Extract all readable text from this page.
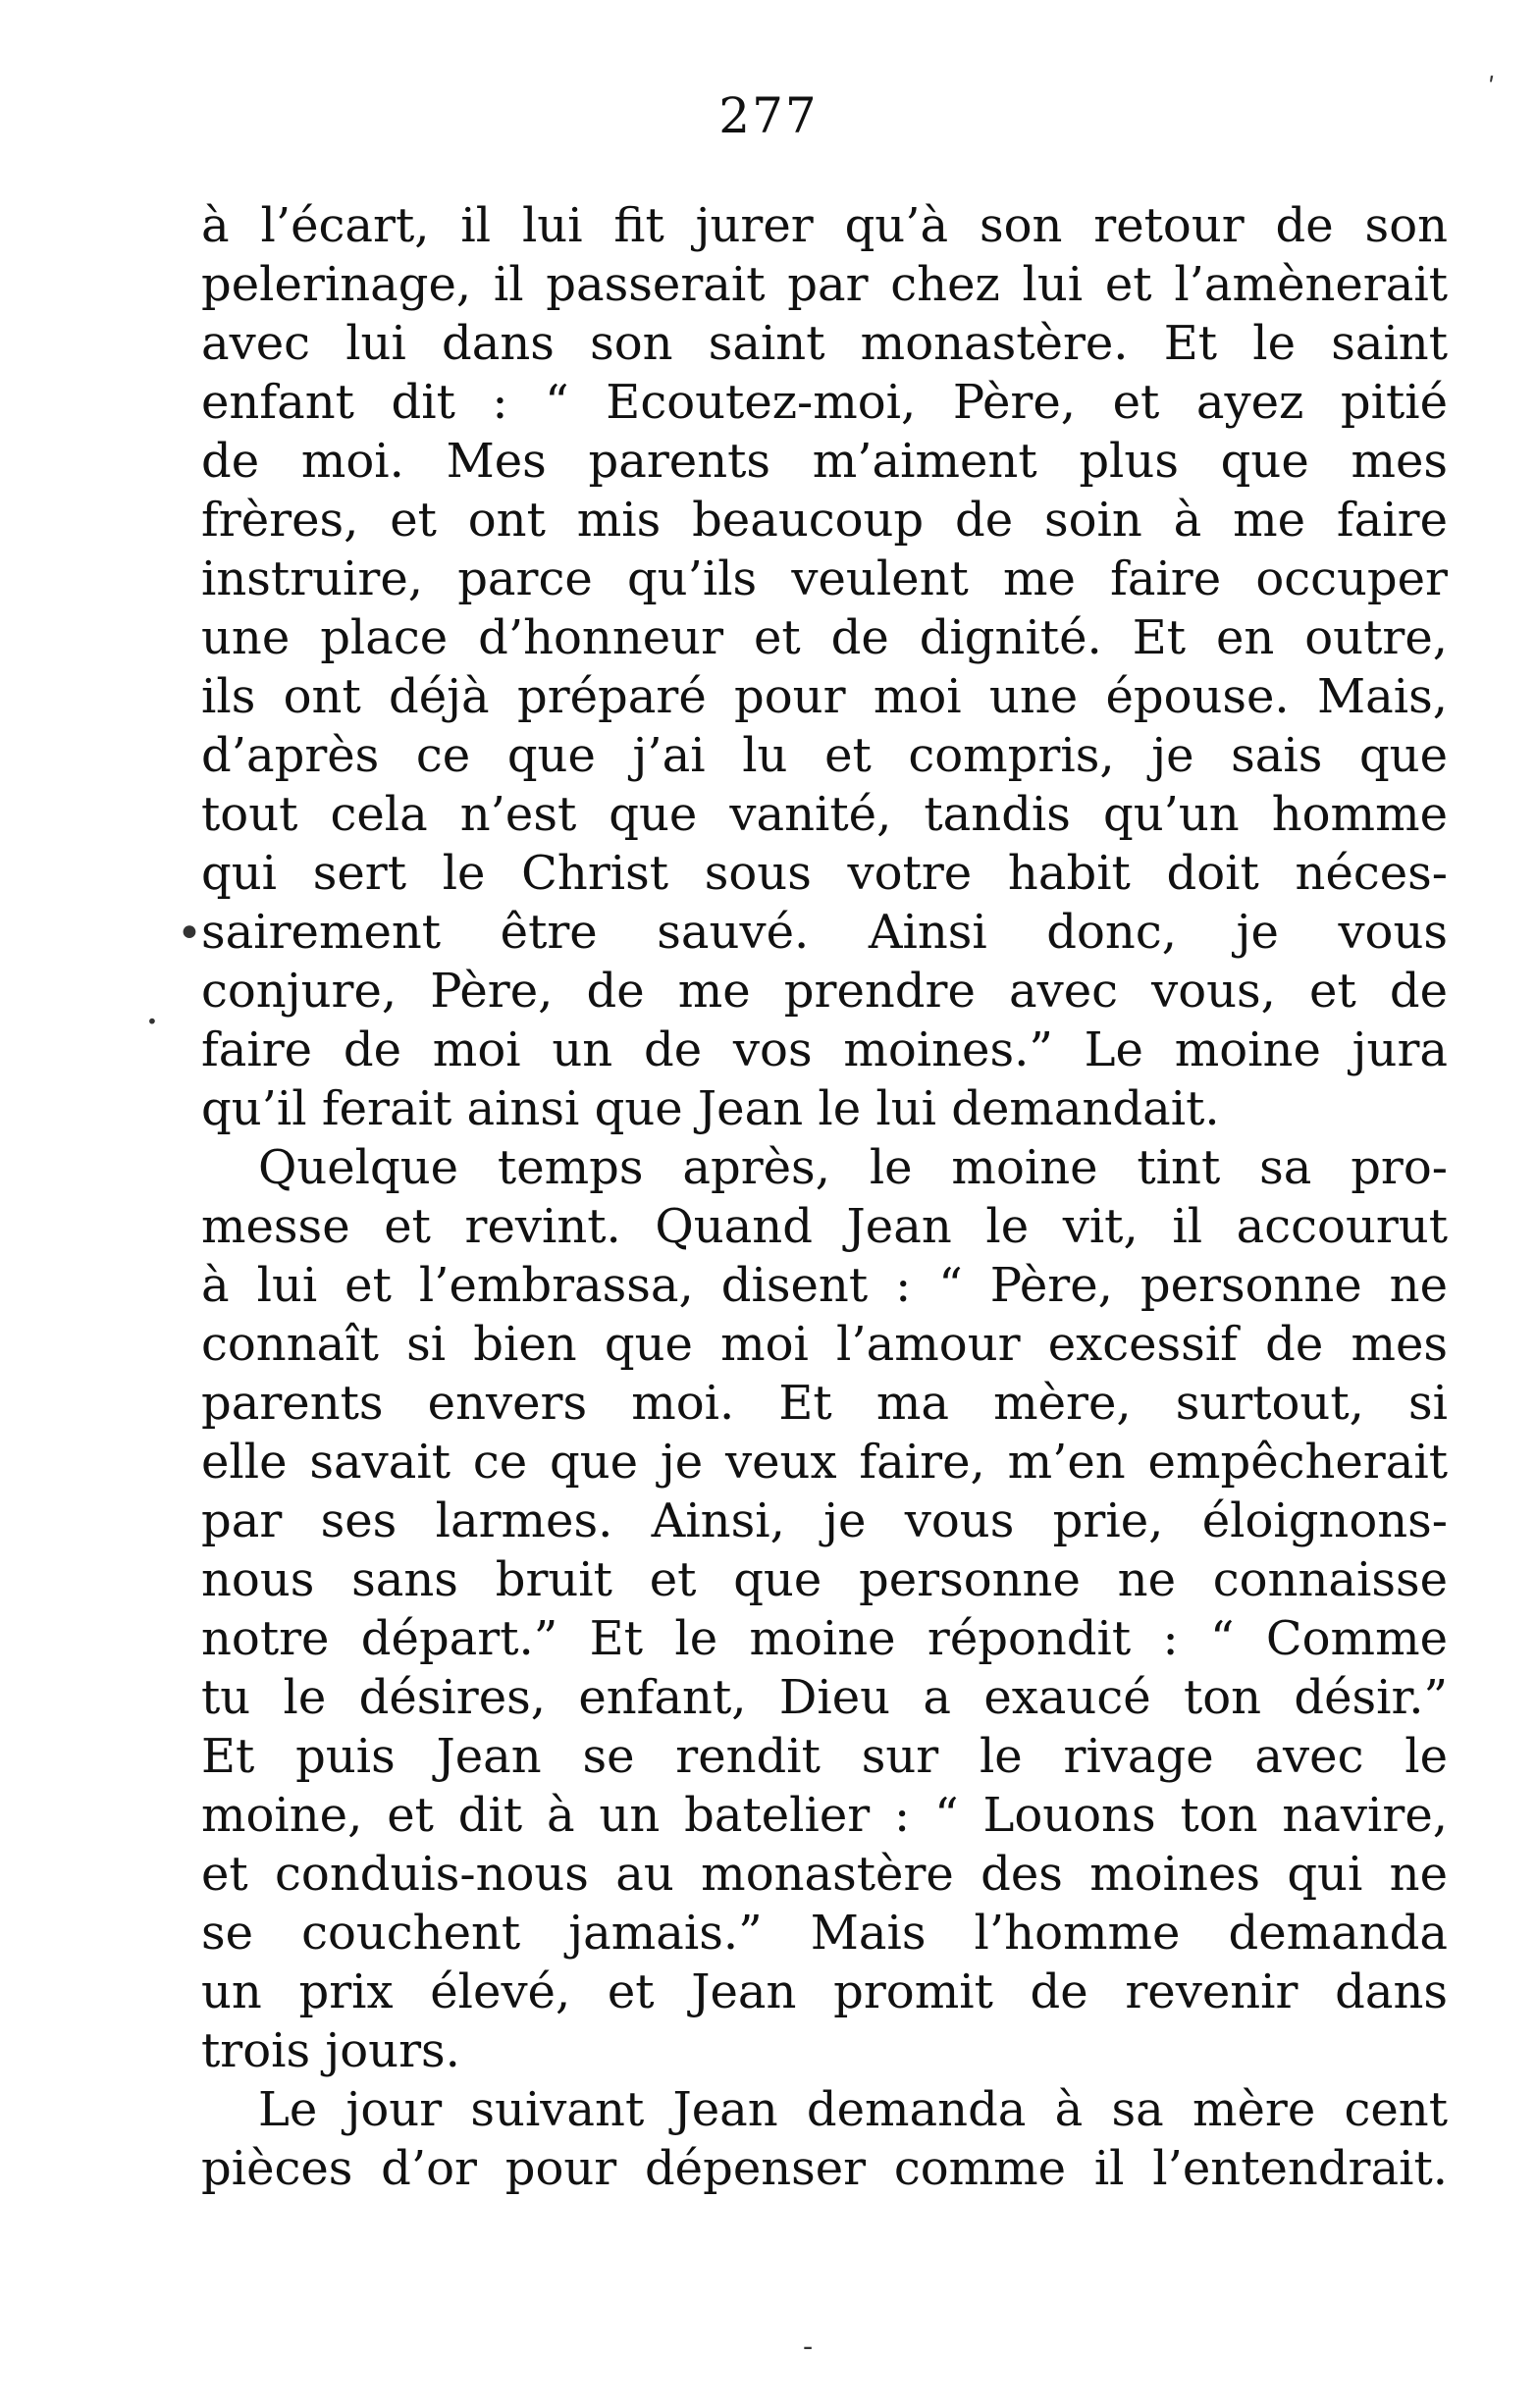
277
à l’écart, il lui fit jurer qu’à son retour de son
pelerinage, il passerait par chez lui et l’amènerait
avec lui dans son saint monastère. Et le saint
enfant dit : “ Ecoutez-moi, Père, et ayez pitié
de moi. Mes parents m’aiment plus que mes
frères, et ont mis beaucoup de soin à me faire
instruire, parce qu’ils veulent me faire occuper
une place d’honneur et de dignité. Et en outre,
ils ont déjà préparé pour moi une épouse. Mais,
d’après ce que j’ai lu et compris, je sais que
tout cela n’est que vanité, tandis qu’un homme
qui sert le Christ sous votre habit doit néces-
sairement être sauvé. Ainsi donc, je vous
conjure, Père, de me prendre avec vous, et de
faire de moi un de vos moines.” Le moine jura
qu’il ferait ainsi que Jean le lui demandait.
Quelque temps après, le moine tint sa pro-
messe et revint. Quand Jean le vit, il accourut
à lui et l’embrassa, disent : “ Père, personne ne
connaît si bien que moi l’amour excessif de mes
parents envers moi. Et ma mère, surtout, si
elle savait ce que je veux faire, m’en empêcherait
par ses larmes. Ainsi, je vous prie, éloignons-
nous sans bruit et que personne ne connaisse
notre départ.” Et le moine répondit : “ Comme
tu le désires, enfant, Dieu a exaucé ton désir.”
Et puis Jean se rendit sur le rivage avec le
moine, et dit à un batelier : “ Louons ton navire,
et conduis-nous au monastère des moines qui ne
se couchent jamais.” Mais l’homme demanda
un prix élevé, et Jean promit de revenir dans
trois jours.
Le jour suivant Jean demanda à sa mère cent
pièces d’or pour dépenser comme il l’entendrait.
•
·
ʹ
-
